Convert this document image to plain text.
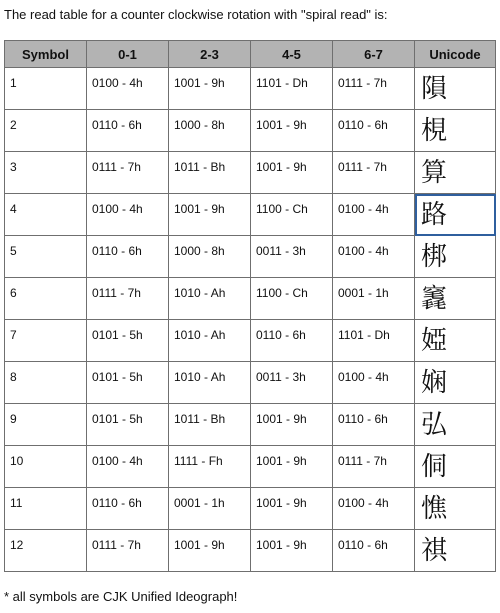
The read table for a counter clockwise rotation with "spiral read" is:
Symbol	0-1	2-3	4-5	6-7	Unicode
1	0100 - 4h	1001 - 9h	1101 - Dh	0111 - 7h	隕
2	0110 - 6h	1000 - 8h	1001 - 9h	0110 - 6h	梘
3	0111 - 7h	1011 - Bh	1001 - 9h	0111 - 7h	算
4	0100 - 4h	1001 - 9h	1100 - Ch	0100 - 4h	路
5	0110 - 6h	1000 - 8h	0011 - 3h	0100 - 4h	梆
6	0111 - 7h	1010 - Ah	1100 - Ch	0001 - 1h	竁
7	0101 - 5h	1010 - Ah	0110 - 6h	1101 - Dh	婭
8	0101 - 5h	1010 - Ah	0011 - 3h	0100 - 4h	娴
9	0101 - 5h	1011 - Bh	1001 - 9h	0110 - 6h	弘
10	0100 - 4h	1111 - Fh	1001 - 9h	0111 - 7h	侗
11	0110 - 6h	0001 - 1h	1001 - 9h	0100 - 4h	憔
12	0111 - 7h	1001 - 9h	1001 - 9h	0110 - 6h	祺
* all symbols are CJK Unified Ideograph!
